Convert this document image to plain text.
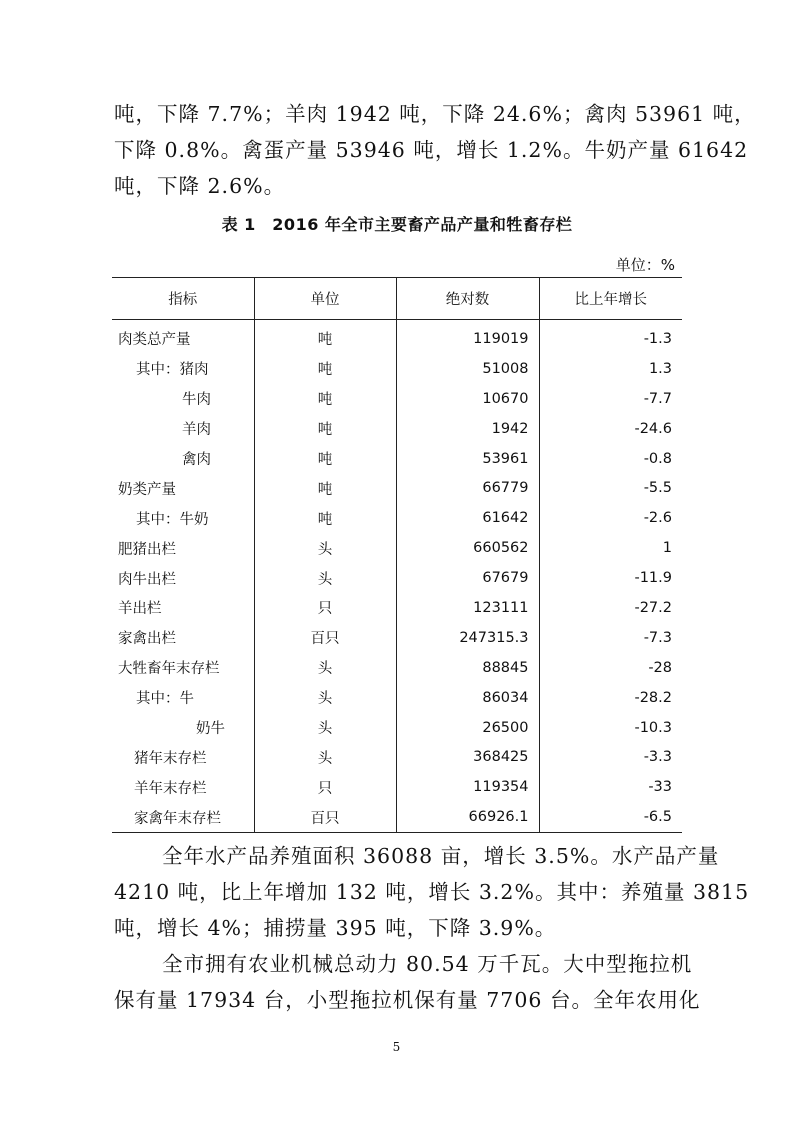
吨，下降 7.7%；羊肉 1942 吨，下降 24.6%；禽肉 53961 吨，
下降 0.8%。禽蛋产量 53946 吨，增长 1.2%。牛奶产量 61642
吨，下降 2.6%。
表 1　2016 年全市主要畜产品产量和牲畜存栏
单位：%
指标	单位	绝对数	比上年增长
肉类总产量	吨	119019	-1.3
其中：猪肉	吨	51008	1.3
牛肉	吨	10670	-7.7
羊肉	吨	1942	-24.6
禽肉	吨	53961	-0.8
奶类产量	吨	66779	-5.5
其中：牛奶	吨	61642	-2.6
肥猪出栏	头	660562	1
肉牛出栏	头	67679	-11.9
羊出栏	只	123111	-27.2
家禽出栏	百只	247315.3	-7.3
大牲畜年末存栏	头	88845	-28
其中：牛	头	86034	-28.2
奶牛	头	26500	-10.3
猪年末存栏	头	368425	-3.3
羊年末存栏	只	119354	-33
家禽年末存栏	百只	66926.1	-6.5
全年水产品养殖面积 36088 亩，增长 3.5%。水产品产量
4210 吨，比上年增加 132 吨，增长 3.2%。其中：养殖量 3815
吨，增长 4%；捕捞量 395 吨，下降 3.9%。
全市拥有农业机械总动力 80.54 万千瓦。大中型拖拉机
保有量 17934 台，小型拖拉机保有量 7706 台。全年农用化
5
